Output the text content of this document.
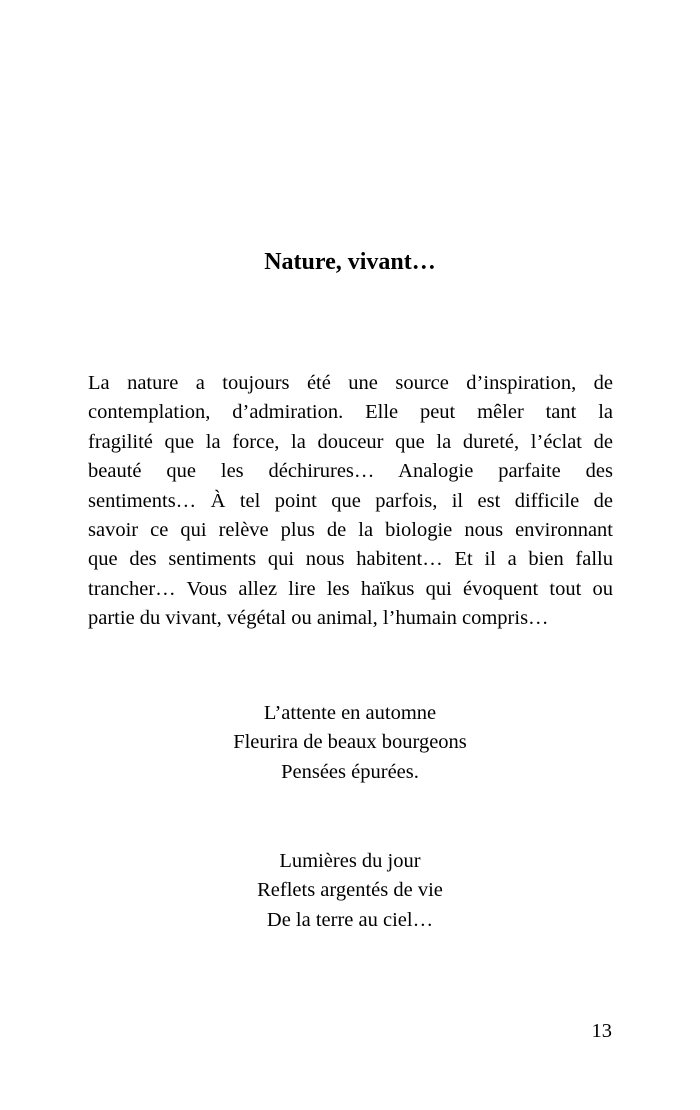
Nature, vivant…

La nature a toujours été une source d’inspiration, de
contemplation, d’admiration. Elle peut mêler tant la
fragilité que la force, la douceur que la dureté, l’éclat de
beauté que les déchirures… Analogie parfaite des
sentiments… À tel point que parfois, il est difficile de
savoir ce qui relève plus de la biologie nous environnant
que des sentiments qui nous habitent… Et il a bien fallu
trancher… Vous allez lire les haïkus qui évoquent tout ou
partie du vivant, végétal ou animal, l’humain compris…

L’attente en automne
Fleurira de beaux bourgeons
Pensées épurées.
Lumières du jour
Reflets argentés de vie
De la terre au ciel…
13
